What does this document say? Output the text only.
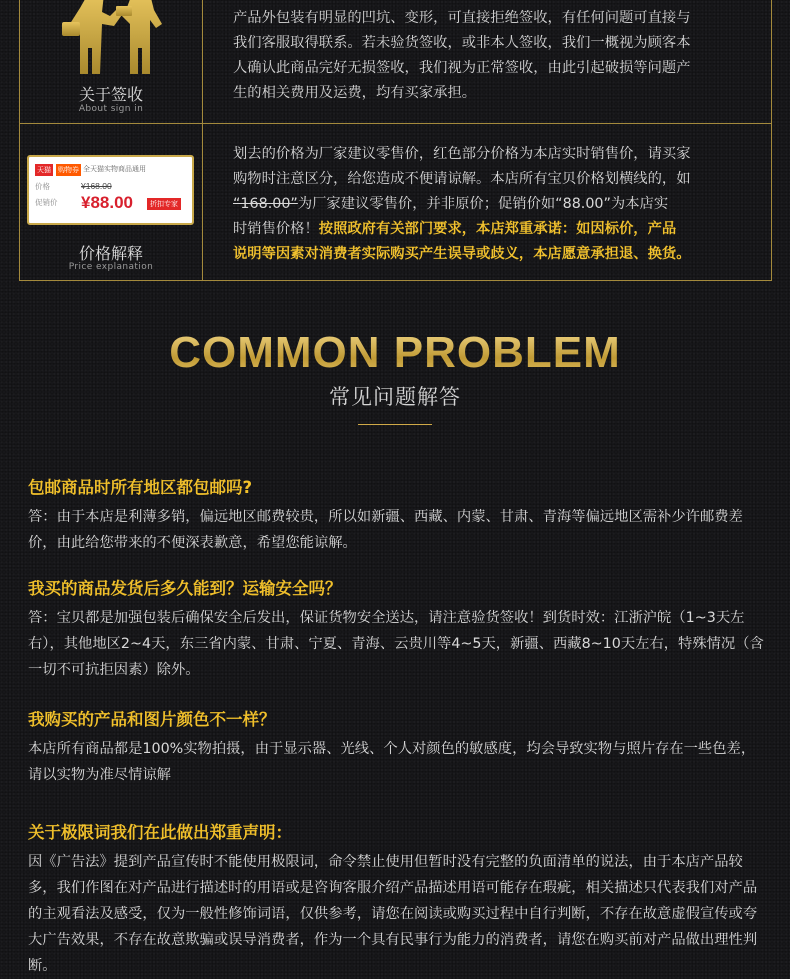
关于签收
About sign in
产品外包装有明显的凹坑、变形，可直接拒绝签收，有任何问题可直接与
我们客服取得联系。若未验货签收，或非本人签收，我们一概视为顾客本
人确认此商品完好无损签收，我们视为正常签收，由此引起破损等问题产
生的相关费用及运费，均有买家承担。
天猫 购物券 全天猫实物商品通用
价格	¥168.00
促销价 ¥88.00	折扣专家
价格解释
Price explanation
划去的价格为厂家建议零售价，红色部分价格为本店实时销售价，请买家
购物时注意区分，给您造成不便请谅解。本店所有宝贝价格划横线的，如
“168.00”为厂家建议零售价，并非原价；促销价如“88.00”为本店实
时销售价格！按照政府有关部门要求，本店郑重承诺：如因标价，产品
说明等因素对消费者实际购买产生误导或歧义，本店愿意承担退、换货。
COMMON PROBLEM
常见问题解答

包邮商品时所有地区都包邮吗?

答：由于本店是利薄多销，偏远地区邮费较贵，所以如新疆、西藏、内蒙、甘肃、青海等偏远地区需补少许邮费差价，由此给您带来的不便深表歉意，希望您能谅解。

我买的商品发货后多久能到？运输安全吗？

答：宝贝都是加强包装后确保安全后发出，保证货物安全送达，请注意验货签收！到货时效：江浙沪皖（1~3天左右），其他地区2~4天，东三省内蒙、甘肃、宁夏、青海、云贵川等4~5天，新疆、西藏8~10天左右，特殊情况（含一切不可抗拒因素）除外。

我购买的产品和图片颜色不一样？

本店所有商品都是100%实物拍摄，由于显示器、光线、个人对颜色的敏感度，均会导致实物与照片存在一些色差，请以实物为准尽情谅解

关于极限词我们在此做出郑重声明：

因《广告法》提到产品宣传时不能使用极限词，命令禁止使用但暂时没有完整的负面清单的说法，由于本店产品较多，我们作图在对产品进行描述时的用语或是咨询客服介绍产品描述用语可能存在瑕疵，相关描述只代表我们对产品的主观看法及感受，仅为一般性修饰词语，仅供参考，请您在阅读或购买过程中自行判断，不存在故意虚假宣传或夸大广告效果，不存在故意欺骗或误导消费者，作为一个具有民事行为能力的消费者，请您在购买前对产品做出理性判断。
